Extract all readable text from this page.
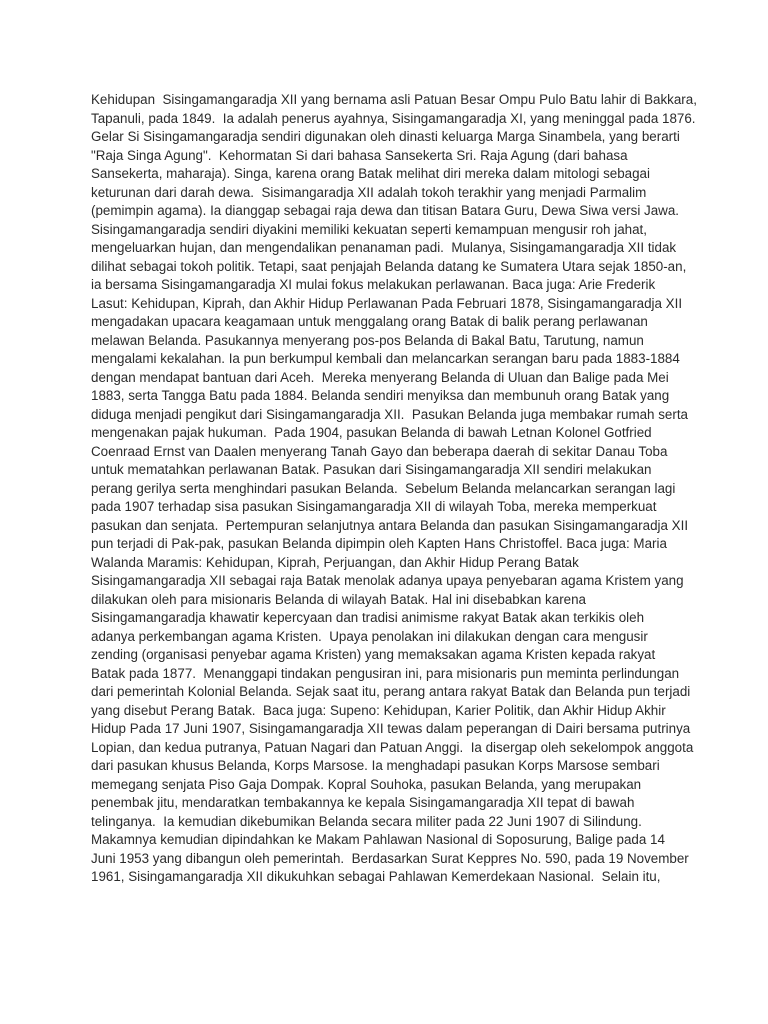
Kehidupan  Sisingamangaradja XII yang bernama asli Patuan Besar Ompu Pulo Batu lahir di Bakkara,
Tapanuli, pada 1849.  Ia adalah penerus ayahnya, Sisingamangaradja XI, yang meninggal pada 1876.
Gelar Si Sisingamangaradja sendiri digunakan oleh dinasti keluarga Marga Sinambela, yang berarti
"Raja Singa Agung".  Kehormatan Si dari bahasa Sansekerta Sri. Raja Agung (dari bahasa
Sansekerta, maharaja). Singa, karena orang Batak melihat diri mereka dalam mitologi sebagai
keturunan dari darah dewa.  Sisimangaradja XII adalah tokoh terakhir yang menjadi Parmalim
(pemimpin agama). Ia dianggap sebagai raja dewa dan titisan Batara Guru, Dewa Siwa versi Jawa.
Sisingamangaradja sendiri diyakini memiliki kekuatan seperti kemampuan mengusir roh jahat,
mengeluarkan hujan, dan mengendalikan penanaman padi.  Mulanya, Sisingamangaradja XII tidak
dilihat sebagai tokoh politik. Tetapi, saat penjajah Belanda datang ke Sumatera Utara sejak 1850-an,
ia bersama Sisingamangaradja XI mulai fokus melakukan perlawanan. Baca juga: Arie Frederik
Lasut: Kehidupan, Kiprah, dan Akhir Hidup Perlawanan Pada Februari 1878, Sisingamangaradja XII
mengadakan upacara keagamaan untuk menggalang orang Batak di balik perang perlawanan
melawan Belanda. Pasukannya menyerang pos-pos Belanda di Bakal Batu, Tarutung, namun
mengalami kekalahan. Ia pun berkumpul kembali dan melancarkan serangan baru pada 1883-1884
dengan mendapat bantuan dari Aceh.  Mereka menyerang Belanda di Uluan dan Balige pada Mei
1883, serta Tangga Batu pada 1884. Belanda sendiri menyiksa dan membunuh orang Batak yang
diduga menjadi pengikut dari Sisingamangaradja XII.  Pasukan Belanda juga membakar rumah serta
mengenakan pajak hukuman.  Pada 1904, pasukan Belanda di bawah Letnan Kolonel Gotfried
Coenraad Ernst van Daalen menyerang Tanah Gayo dan beberapa daerah di sekitar Danau Toba
untuk mematahkan perlawanan Batak. Pasukan dari Sisingamangaradja XII sendiri melakukan
perang gerilya serta menghindari pasukan Belanda.  Sebelum Belanda melancarkan serangan lagi
pada 1907 terhadap sisa pasukan Sisingamangaradja XII di wilayah Toba, mereka memperkuat
pasukan dan senjata.  Pertempuran selanjutnya antara Belanda dan pasukan Sisingamangaradja XII
pun terjadi di Pak-pak, pasukan Belanda dipimpin oleh Kapten Hans Christoffel. Baca juga: Maria
Walanda Maramis: Kehidupan, Kiprah, Perjuangan, dan Akhir Hidup Perang Batak
Sisingamangaradja XII sebagai raja Batak menolak adanya upaya penyebaran agama Kristem yang
dilakukan oleh para misionaris Belanda di wilayah Batak. Hal ini disebabkan karena
Sisingamangaradja khawatir kepercyaan dan tradisi animisme rakyat Batak akan terkikis oleh
adanya perkembangan agama Kristen.  Upaya penolakan ini dilakukan dengan cara mengusir
zending (organisasi penyebar agama Kristen) yang memaksakan agama Kristen kepada rakyat
Batak pada 1877.  Menanggapi tindakan pengusiran ini, para misionaris pun meminta perlindungan
dari pemerintah Kolonial Belanda. Sejak saat itu, perang antara rakyat Batak dan Belanda pun terjadi
yang disebut Perang Batak.  Baca juga: Supeno: Kehidupan, Karier Politik, dan Akhir Hidup Akhir
Hidup Pada 17 Juni 1907, Sisingamangaradja XII tewas dalam peperangan di Dairi bersama putrinya
Lopian, dan kedua putranya, Patuan Nagari dan Patuan Anggi.  Ia disergap oleh sekelompok anggota
dari pasukan khusus Belanda, Korps Marsose. Ia menghadapi pasukan Korps Marsose sembari
memegang senjata Piso Gaja Dompak. Kopral Souhoka, pasukan Belanda, yang merupakan
penembak jitu, mendaratkan tembakannya ke kepala Sisingamangaradja XII tepat di bawah
telinganya.  Ia kemudian dikebumikan Belanda secara militer pada 22 Juni 1907 di Silindung.
Makamnya kemudian dipindahkan ke Makam Pahlawan Nasional di Soposurung, Balige pada 14
Juni 1953 yang dibangun oleh pemerintah.  Berdasarkan Surat Keppres No. 590, pada 19 November
1961, Sisingamangaradja XII dikukuhkan sebagai Pahlawan Kemerdekaan Nasional.  Selain itu,
